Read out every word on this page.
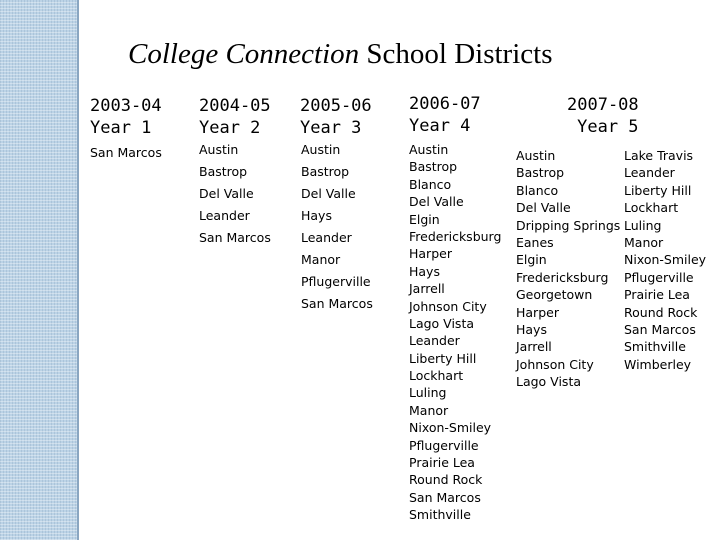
College Connection School Districts
2003-04
Year 1
2004-05
Year 2
2005-06
Year 3
2006-07
Year 4
2007-08
Year 5
San Marcos	Austin
Bastrop
Del Valle
Leander
San Marcos
Austin
Bastrop
Del Valle
Hays
Leander
Manor
Pflugerville
San Marcos
Austin
Bastrop
Blanco
Del Valle
Elgin
Fredericksburg
Harper
Hays
Jarrell
Johnson City
Lago Vista
Leander
Liberty Hill
Lockhart
Luling
Manor
Nixon-Smiley
Pflugerville
Prairie Lea
Round Rock
San Marcos
Smithville
Austin
Bastrop
Blanco
Del Valle
Dripping Springs
Eanes
Elgin
Fredericksburg
Georgetown
Harper
Hays
Jarrell
Johnson City
Lago Vista
Lake Travis
Leander
Liberty Hill
Lockhart
Luling
Manor
Nixon-Smiley
Pflugerville
Prairie Lea
Round Rock
San Marcos
Smithville
Wimberley
